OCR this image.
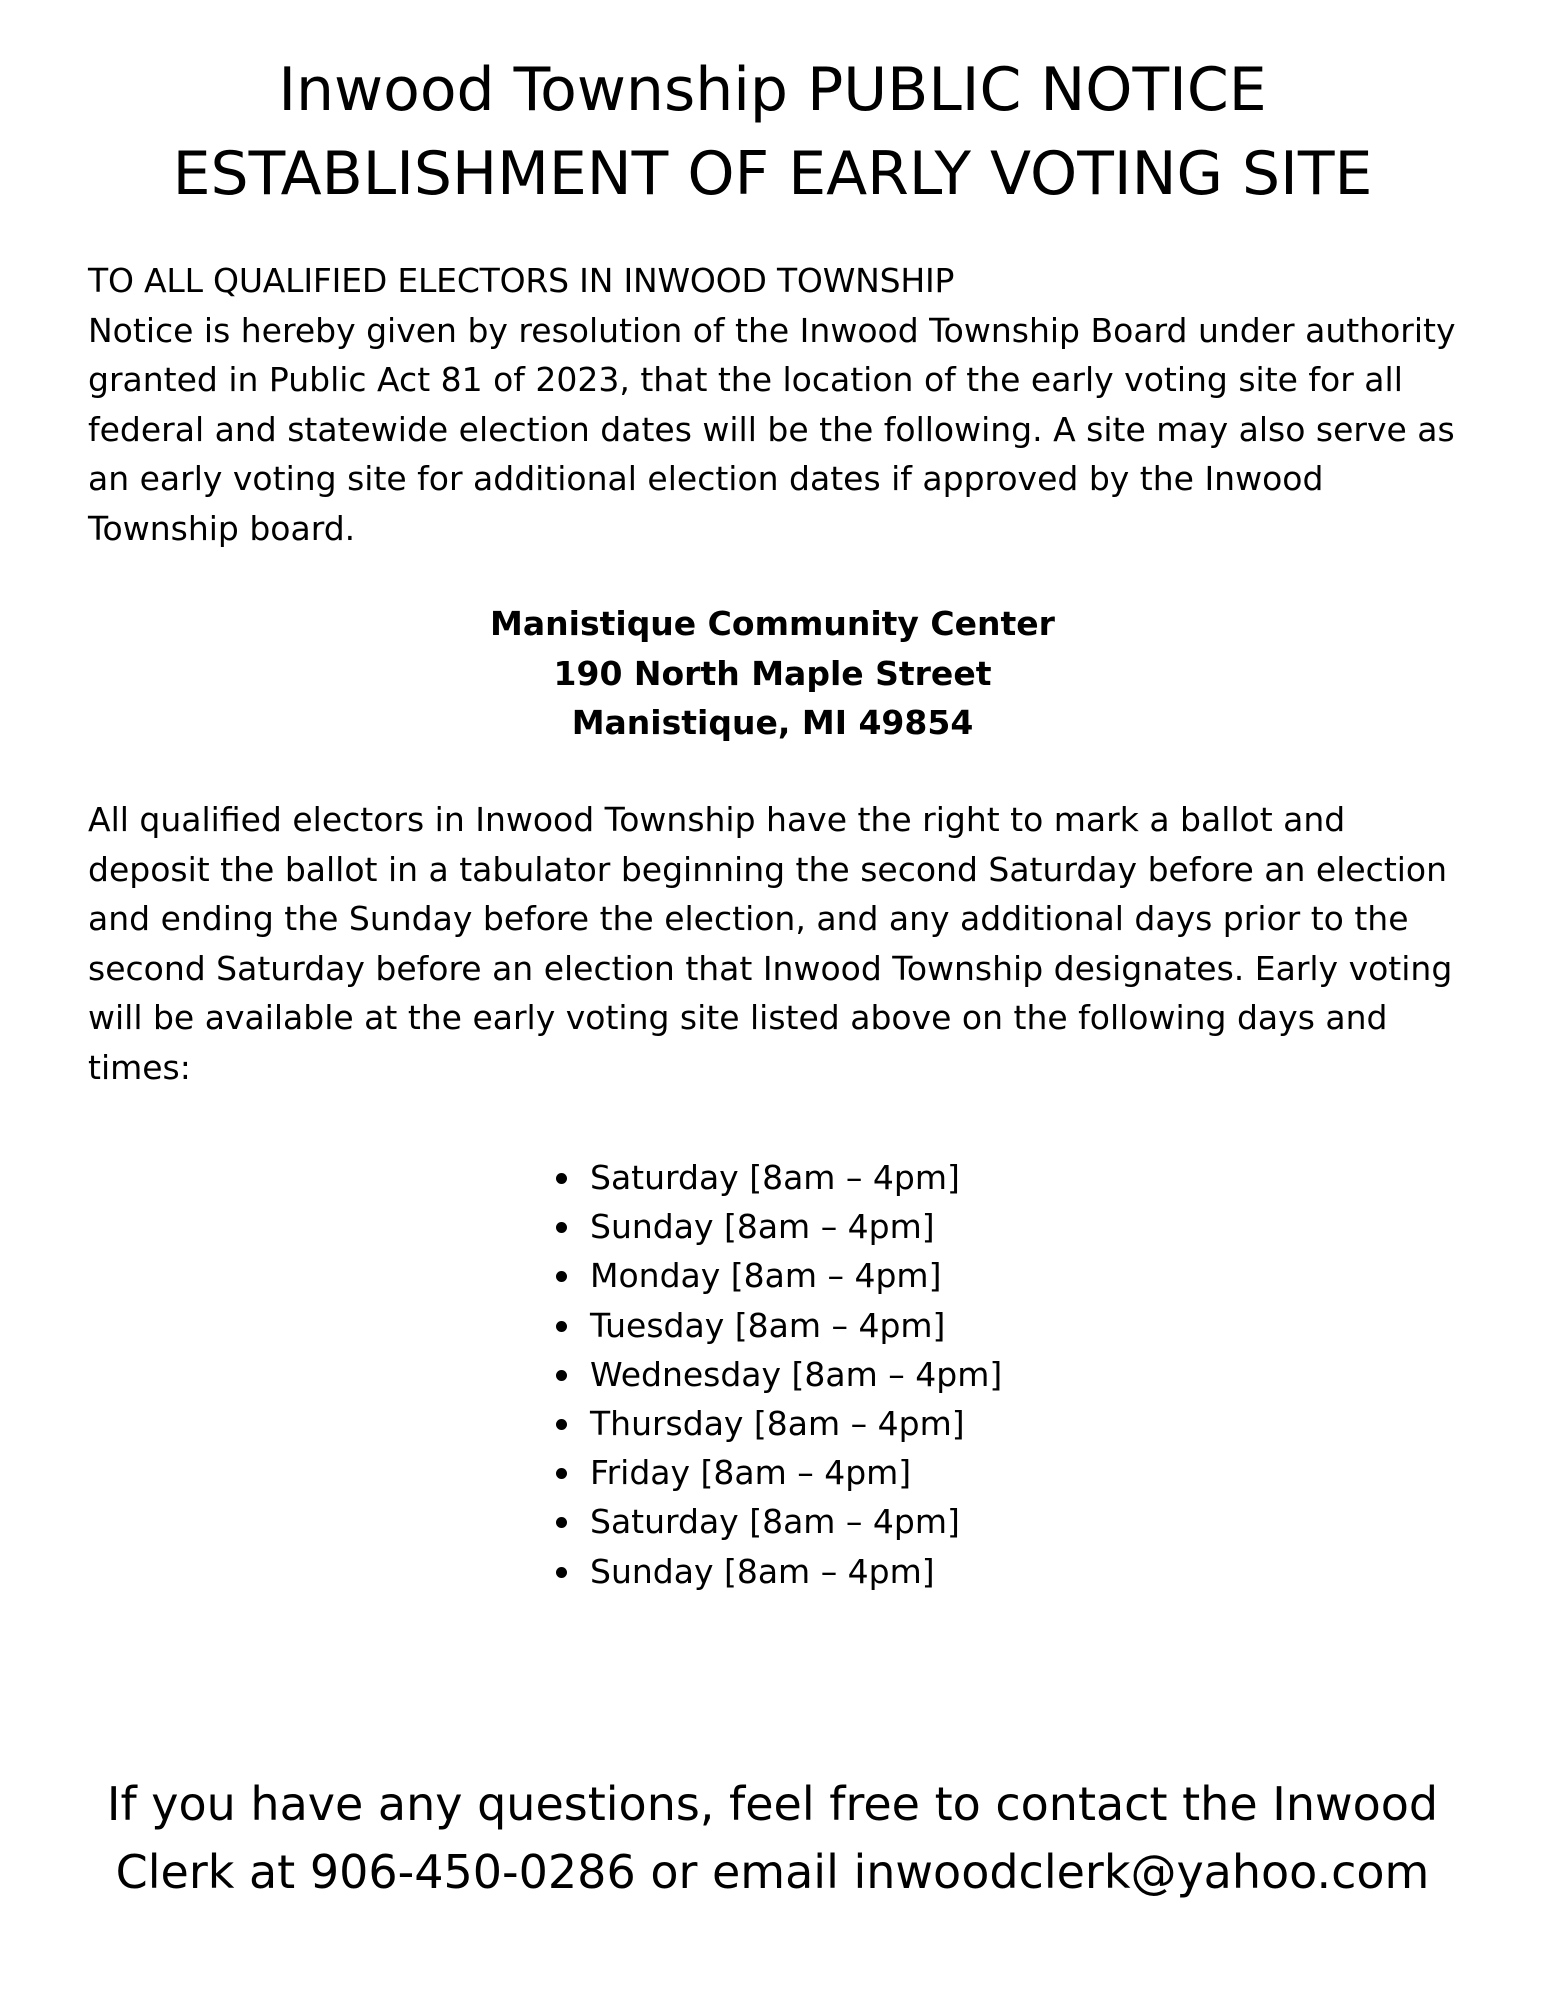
Inwood Township PUBLIC NOTICE
ESTABLISHMENT OF EARLY VOTING SITE

TO ALL QUALIFIED ELECTORS IN INWOOD TOWNSHIP
Notice is hereby given by resolution of the Inwood Township Board under authority granted in Public Act 81 of 2023, that the location of the early voting site for all federal and statewide election dates will be the following. A site may also serve as an early voting site for additional election dates if approved by the Inwood Township board.

Manistique Community Center
190 North Maple Street
Manistique, MI 49854

All qualified electors in Inwood Township have the right to mark a ballot and deposit the ballot in a tabulator beginning the second Saturday before an election and ending the Sunday before the election, and any additional days prior to the second Saturday before an election that Inwood Township designates. Early voting will be available at the early voting site listed above on the following days and times:

Saturday [8am – 4pm]
Sunday [8am – 4pm]
Monday [8am – 4pm]
Tuesday [8am – 4pm]
Wednesday [8am – 4pm]
Thursday [8am – 4pm]
Friday [8am – 4pm]
Saturday [8am – 4pm]
Sunday [8am – 4pm]

If you have any questions, feel free to contact the Inwood
Clerk at 906-450-0286 or email inwoodclerk@yahoo.com
